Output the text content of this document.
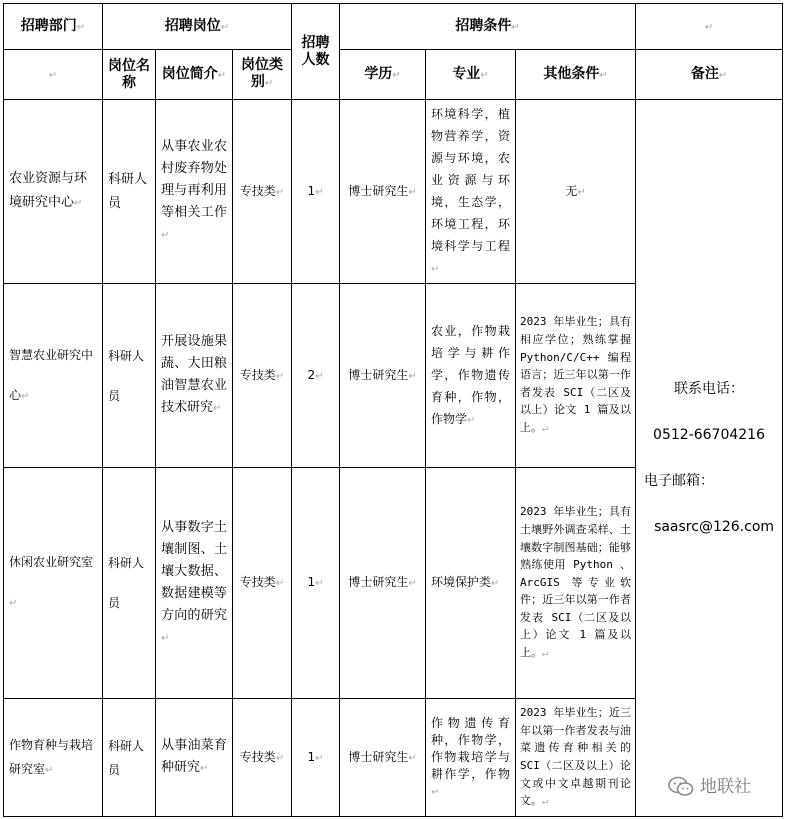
招聘部门↵	招聘岗位↵			招聘人数	招聘条件↵			↵
↵	岗位名称	岗位简介↵	岗位类别↵		学历↵	专业↵	其他条件↵	备注↵
农业资源与环境研究中心↵	科研人员	从事农业农村废弃物处理与再利用等相关工作↵	专技类↵	1↵	博士研究生↵	环境科学，植物营养学，资源与环境，农业资源与环境，生态学，环境工程，环境科学与工程↵	无↵	联系电话：
0512-66704216
电子邮箱：
saasrc@126.com

智慧农业研究中心↵	科研人员	开展设施果蔬、大田粮油智慧农业技术研究↵	专技类↵	2↵	博士研究生↵	农业，作物栽培学与耕作学，作物遗传育种，作物，作物学↵	2023 年毕业生；具有相应学位；熟练掌握 Python/C/C++ 编程语言；近三年以第一作者发表 SCI（二区及以上）论文 1 篇及以上。↵	
休闲农业研究室↵	科研人员	从事数字土壤制图、土壤大数据、数据建模等方向的研究↵	专技类↵	1↵	博士研究生↵	环境保护类↵	2023 年毕业生；具有土壤野外调查采样、土壤数字制图基础；能够熟练使用 Python 、ArcGIS 等专业软件；近三年以第一作者发表 SCI（二区及以上）论文 1 篇及以上。↵	
作物育种与栽培研究室↵	科研人员	从事油菜育种研究↵	专技类↵	1↵	博士研究生↵	作物遗传育种，作物学，作物栽培学与耕作学，作物↵	2023 年毕业生；近三年以第一作者发表与油菜遗传育种相关的 SCI（二区及以上）论文或中文卓越期刊论文。↵	
地联社
